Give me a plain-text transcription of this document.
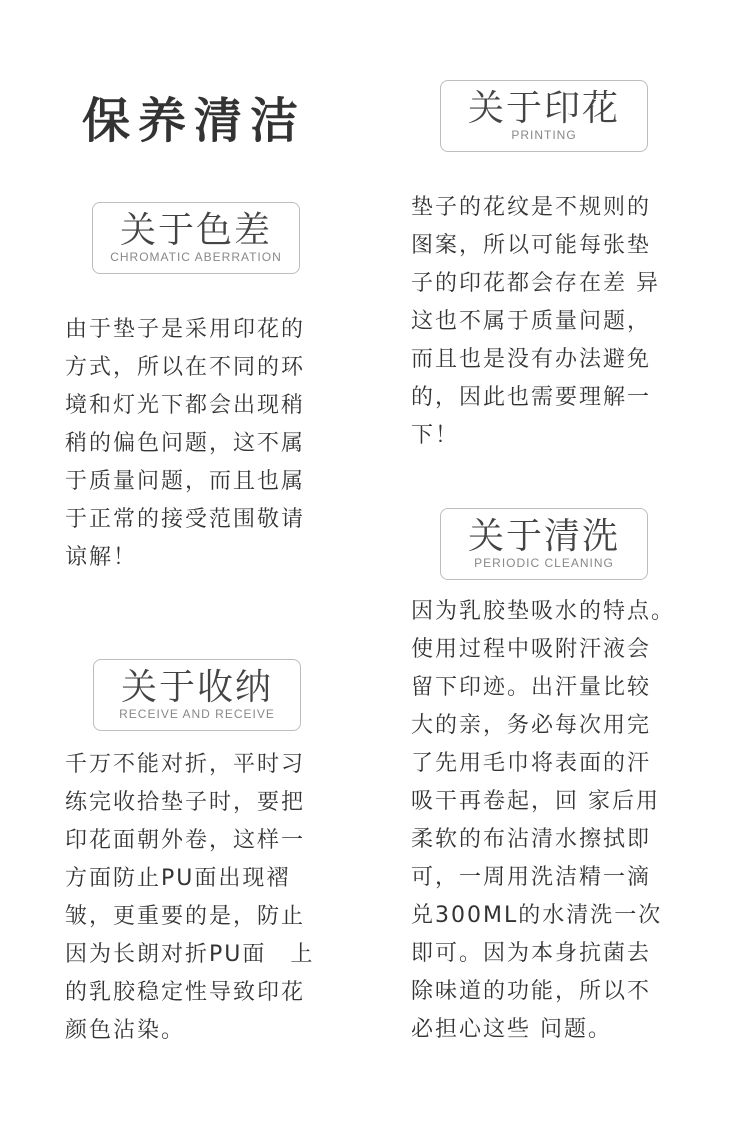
保养清洁
关于色差
CHROMATIC ABERRATION

由于垫子是采用印花的
方式，所以在不同的环
境和灯光下都会出现稍
稍的偏色问题，这不属
于质量问题，而且也属
于正常的接受范围敬请
谅解！

关于收纳
RECEIVE AND RECEIVE

千万不能对折，平时习
练完收拾垫子时，要把
印花面朝外卷，这样一
方面防止PU面出现褶
皱，更重要的是，防止
因为长朗对折PU面　上
的乳胶稳定性导致印花
颜色沾染。

关于印花
PRINTING

垫子的花纹是不规则的
图案，所以可能每张垫
子的印花都会存在差 异
这也不属于质量问题，
而且也是没有办法避免
的，因此也需要理解一
下！

关于清洗
PERIODIC CLEANING

因为乳胶垫吸水的特点。
使用过程中吸附汗液会
留下印迹。出汗量比较
大的亲，务必每次用完
了先用毛巾将表面的汗
吸干再卷起，回 家后用
柔软的布沾清水擦拭即
可，一周用洗洁精一滴
兑300ML的水清洗一次
即可。因为本身抗菌去
除味道的功能，所以不
必担心这些 问题。
